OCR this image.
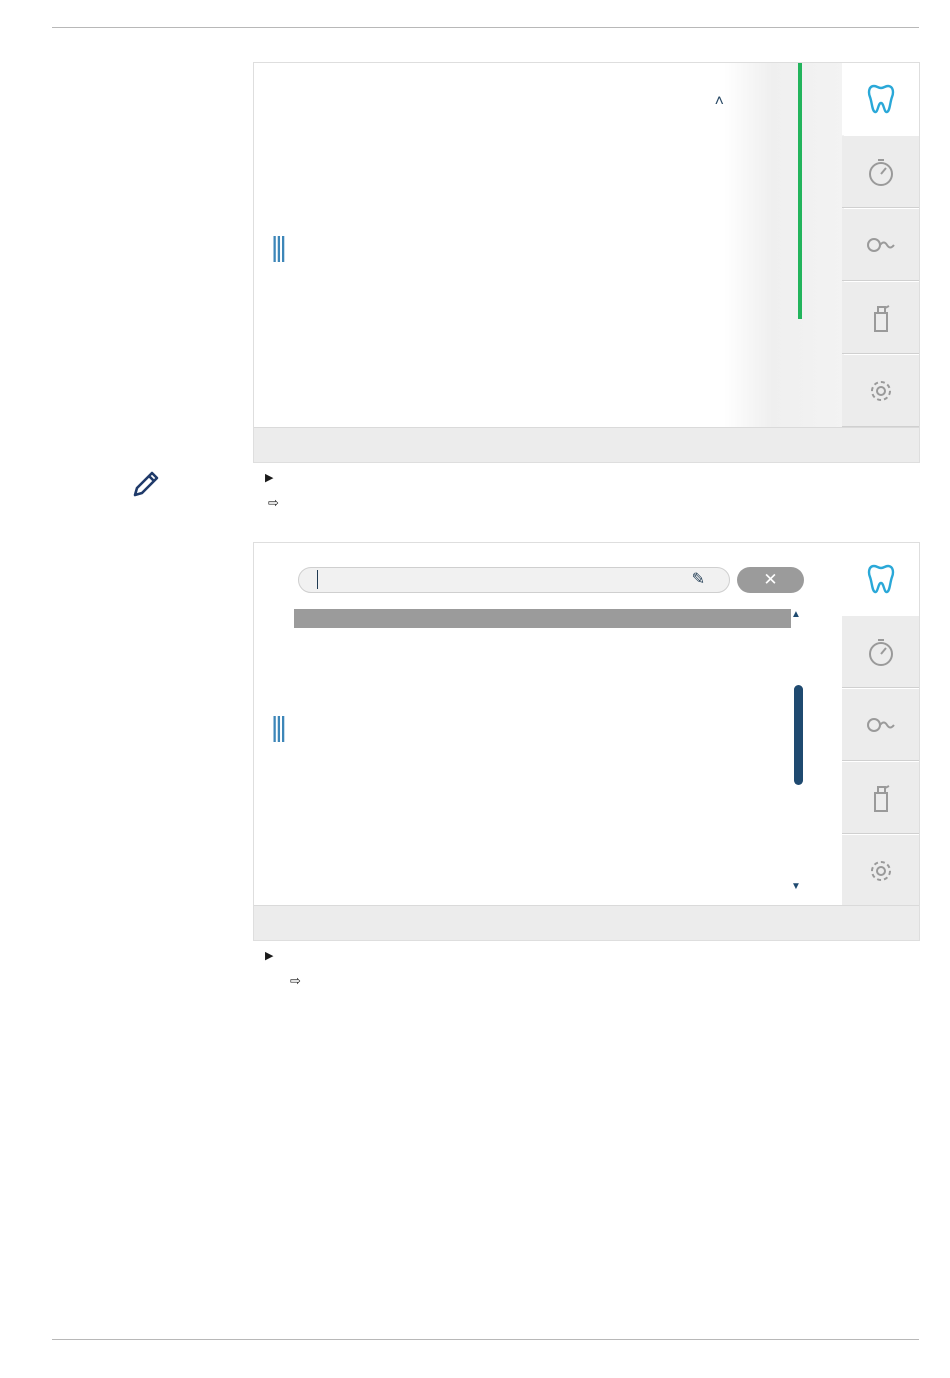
|||
˄
▶
⇨
✎	✕
|||
▲
▼
▶
⇨
